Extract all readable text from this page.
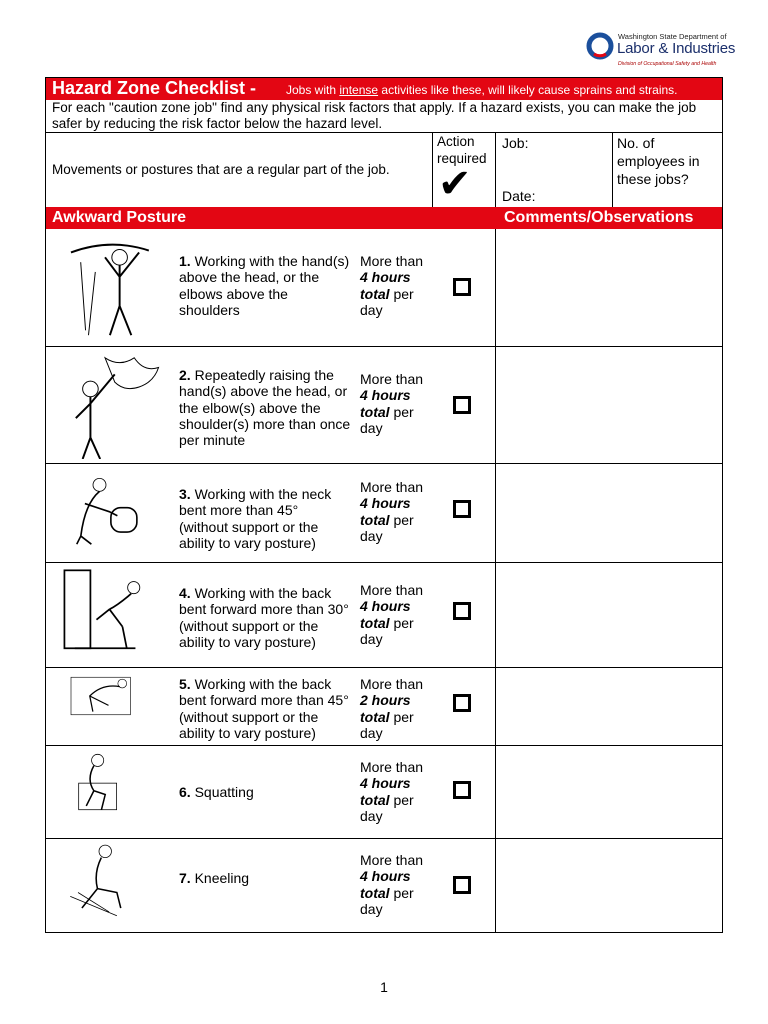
Washington State Department of
Labor & Industries
Division of Occupational Safety and Health
Hazard Zone Checklist - Jobs with intense activities like these, will likely cause sprains and strains.
For each "caution zone job" find any physical risk factors that apply. If a hazard exists, you can make the job safer by reducing the risk factor below the hazard level.
Movements or postures that are a regular part of the job.
Action required
✔
Job:
Date:
No. of employees in these jobs?
Awkward Posture	Comments/Observations
1. Working with the hand(s) above the head, or the elbows above the shoulders
More than
4 hours
total per day
2. Repeatedly raising the hand(s) above the head, or the elbow(s) above the shoulder(s) more than once per minute
More than
4 hours
total per day
3. Working with the neck bent more than 45° (without support or the ability to vary posture)
More than
4 hours
total per day
4. Working with the back bent forward more than 30° (without support or the ability to vary posture)
More than
4 hours
total per day
5. Working with the back bent forward more than 45° (without support or the ability to vary posture)
More than
2 hours
total per day
6. Squatting
More than
4 hours
total per day
7. Kneeling
More than
4 hours
total per day
1
